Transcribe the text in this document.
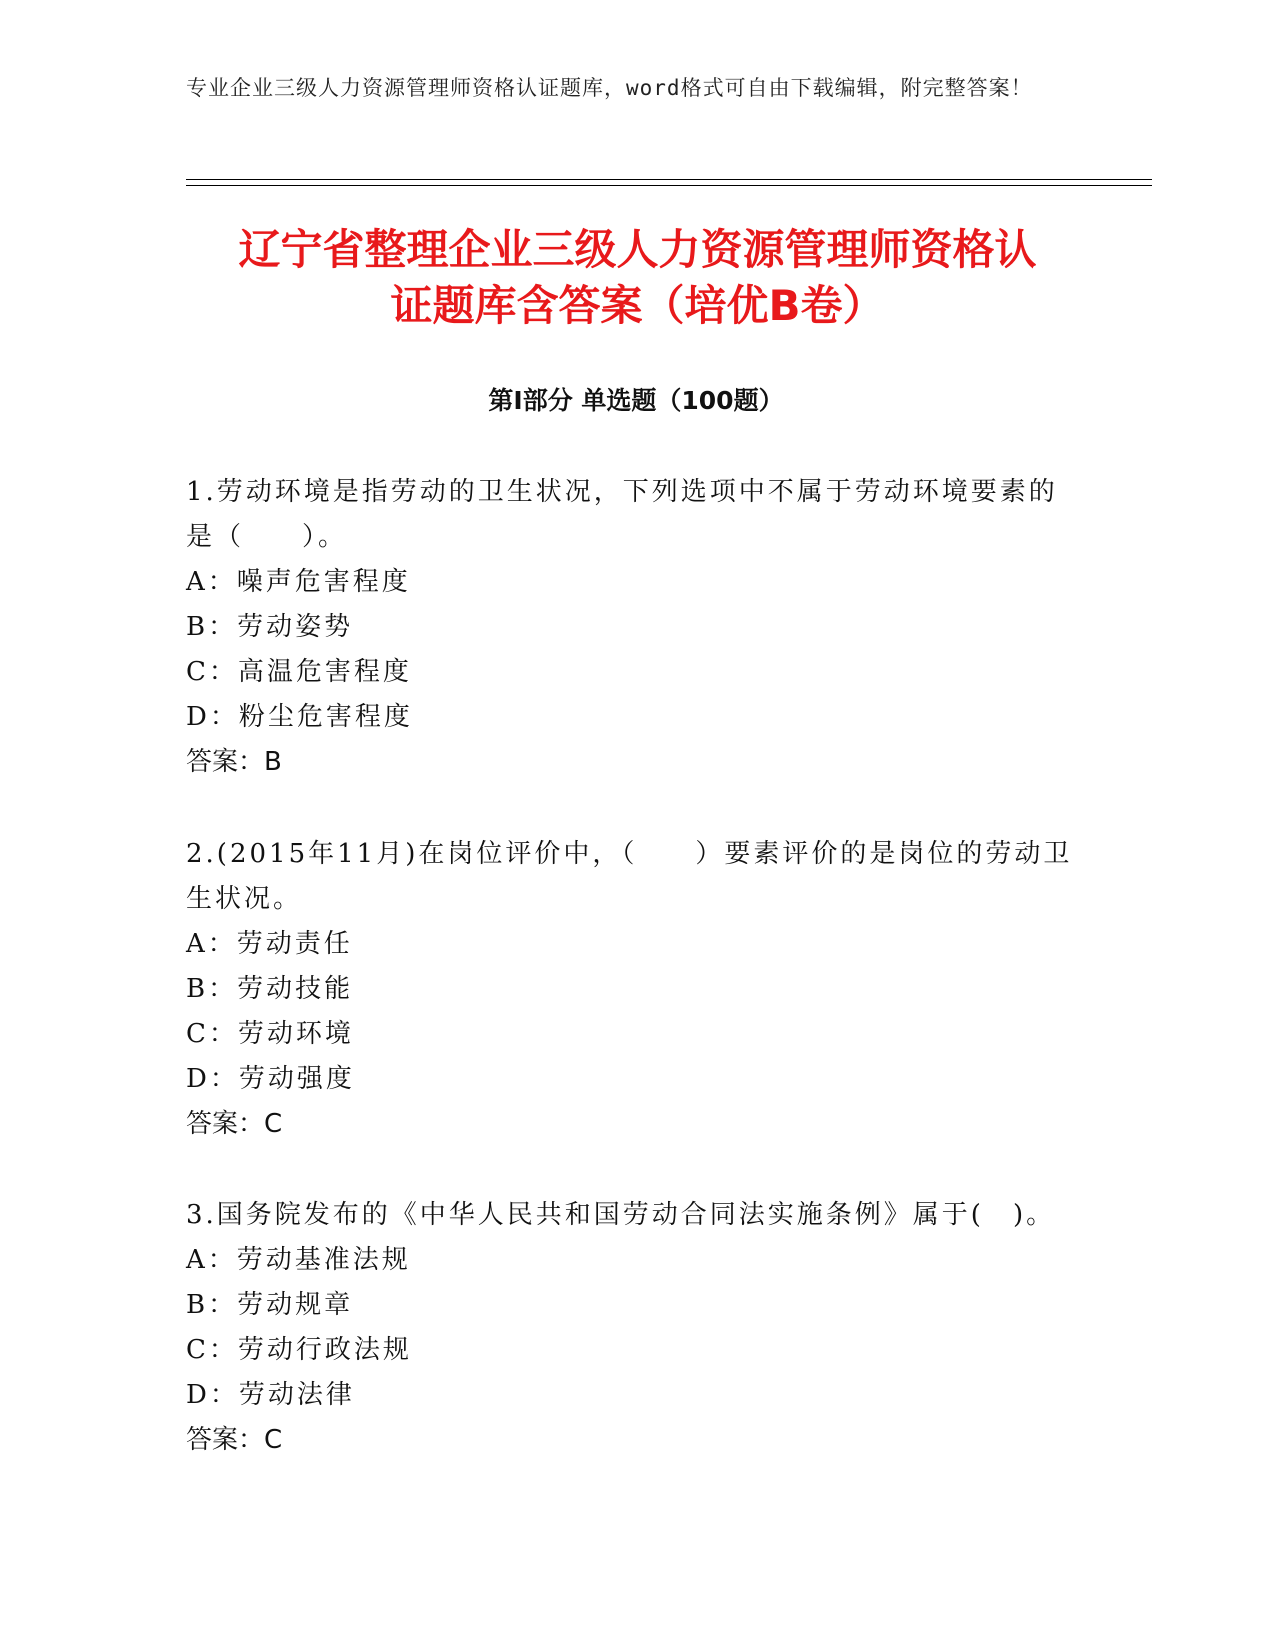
专业企业三级人力资源管理师资格认证题库，word格式可自由下载编辑，附完整答案！
辽宁省整理企业三级人力资源管理师资格认
证题库含答案（培优B卷）
第I部分 单选题（100题）

1.劳动环境是指劳动的卫生状况，下列选项中不属于劳动环境要素的是（　　）。

A：噪声危害程度

B：劳动姿势

C：高温危害程度

D：粉尘危害程度

答案：B

2.(2015年11月)在岗位评价中，（　　）要素评价的是岗位的劳动卫生状况。

A：劳动责任

B：劳动技能

C：劳动环境

D：劳动强度

答案：C

3.国务院发布的《中华人民共和国劳动合同法实施条例》属于(　)。

A：劳动基准法规

B：劳动规章

C：劳动行政法规

D：劳动法律

答案：C
